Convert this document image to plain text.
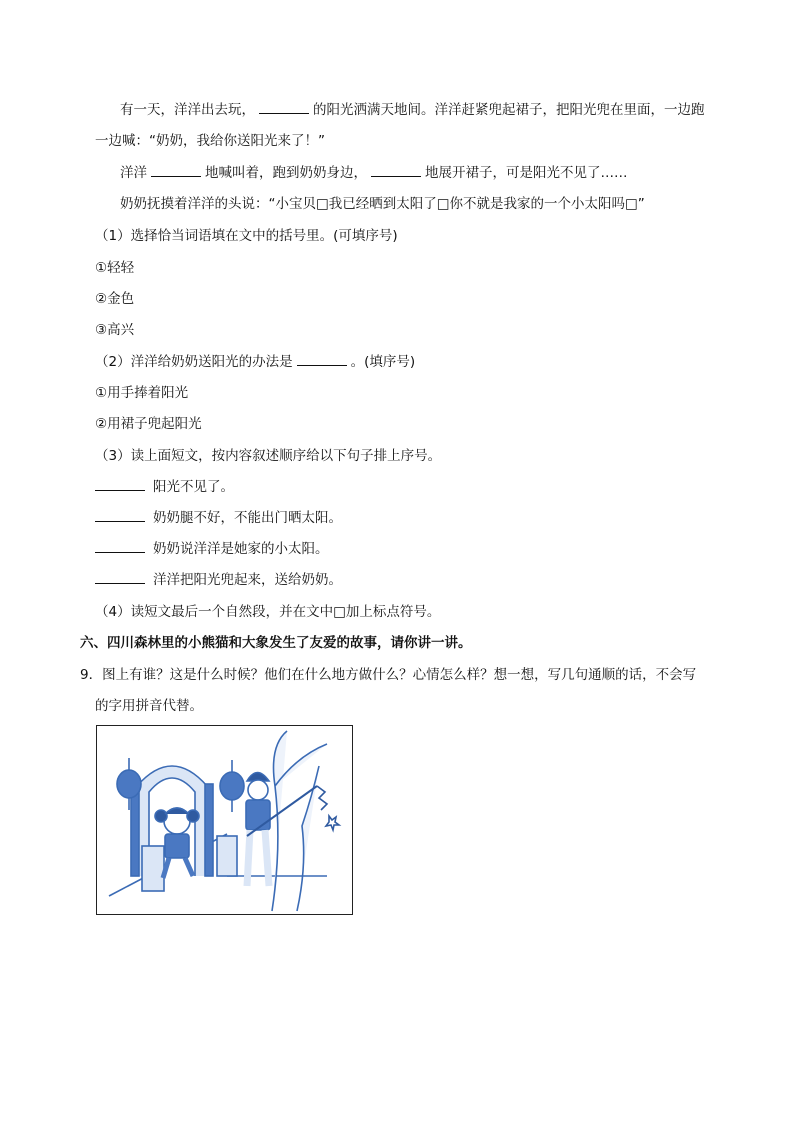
有一天，洋洋出去玩，	的阳光洒满天地间。洋洋赶紧兜起裙子，把阳光兜在里面，一边跑
一边喊：“奶奶，我给你送阳光来了！”
洋洋	地喊叫着，跑到奶奶身边，	地展开裙子，可是阳光不见了……
奶奶抚摸着洋洋的头说：“小宝贝□我已经晒到太阳了□你不就是我家的一个小太阳吗□”
（1）选择恰当词语填在文中的括号里。(可填序号)
①轻轻
②金色
③高兴
（2）洋洋给奶奶送阳光的办法是	。(填序号)
①用手捧着阳光
②用裙子兜起阳光
（3）读上面短文，按内容叙述顺序给以下句子排上序号。
阳光不见了。
奶奶腿不好，不能出门晒太阳。
奶奶说洋洋是她家的小太阳。
洋洋把阳光兜起来，送给奶奶。
（4）读短文最后一个自然段，并在文中□加上标点符号。
六、四川森林里的小熊猫和大象发生了友爱的故事，请你讲一讲。
9．图上有谁？这是什么时候？他们在什么地方做什么？心情怎么样？想一想，写几句通顺的话，不会写
的字用拼音代替。
